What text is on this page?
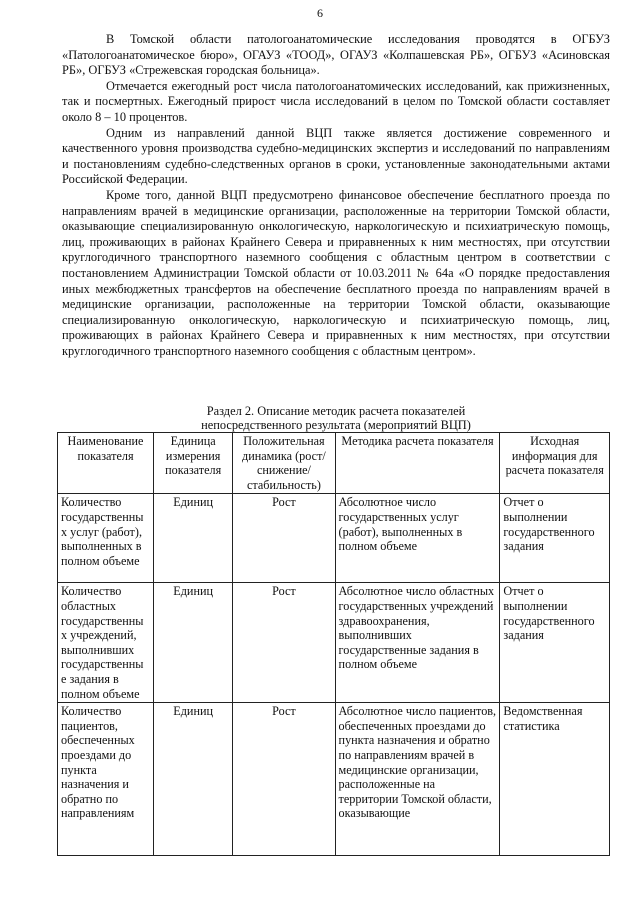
6

В Томской области патологоанатомические исследования проводятся в ОГБУЗ «Патологоанатомическое бюро», ОГАУЗ «ТООД», ОГАУЗ «Колпашевская РБ», ОГБУЗ «Асиновская РБ», ОГБУЗ «Стрежевская городская больница».

Отмечается ежегодный рост числа патологоанатомических исследований, как прижизненных, так и посмертных. Ежегодный прирост числа исследований в целом по Томской области составляет около 8 – 10 процентов.

Одним из направлений данной ВЦП также является достижение современного и качественного уровня производства судебно-медицинских экспертиз и исследований по направлениям и постановлениям судебно-следственных органов в сроки, установленные законодательными актами Российской Федерации.

Кроме того, данной ВЦП предусмотрено финансовое обеспечение бесплатного проезда по направлениям врачей в медицинские организации, расположенные на территории Томской области, оказывающие специализированную онкологическую, наркологическую и психиатрическую помощь, лиц, проживающих в районах Крайнего Севера и приравненных к ним местностях, при отсутствии круглогодичного транспортного наземного сообщения с областным центром в соответствии с постановлением Администрации Томской области от 10.03.2011 № 64а «О порядке предоставления иных межбюджетных трансфертов на обеспечение бесплатного проезда по направлениям врачей в медицинские организации, расположенные на территории Томской области, оказывающие специализированную онкологическую, наркологическую и психиатрическую помощь, лиц, проживающих в районах Крайнего Севера и приравненных к ним местностях, при отсутствии круглогодичного транспортного наземного сообщения с областным центром».

Раздел 2. Описание методик расчета показателей
непосредственного результата (мероприятий ВЦП)
Наименование показателя	Единица измерения показателя	Положительная динамика (рост/снижение/ стабильность)	Методика расчета показателя	Исходная информация для расчета показателя
Количество государственны х услуг (работ), выполненных в полном объеме	Единиц	Рост	Абсолютное число государственных услуг (работ), выполненных в полном объеме	Отчет о выполнении государственного задания
Количество областных государственны х учреждений, выполнивших государственны е задания в полном объеме	Единиц	Рост	Абсолютное число областных государственных учреждений здравоохранения, выполнивших государственные задания в полном объеме	Отчет о выполнении государственного задания
Количество пациентов, обеспеченных проездами до пункта назначения и обратно по направлениям	Единиц	Рост	Абсолютное число пациентов, обеспеченных проездами до пункта назначения и обратно по направлениям врачей в медицинские организации, расположенные на территории Томской области, оказывающие	Ведомственная статистика
